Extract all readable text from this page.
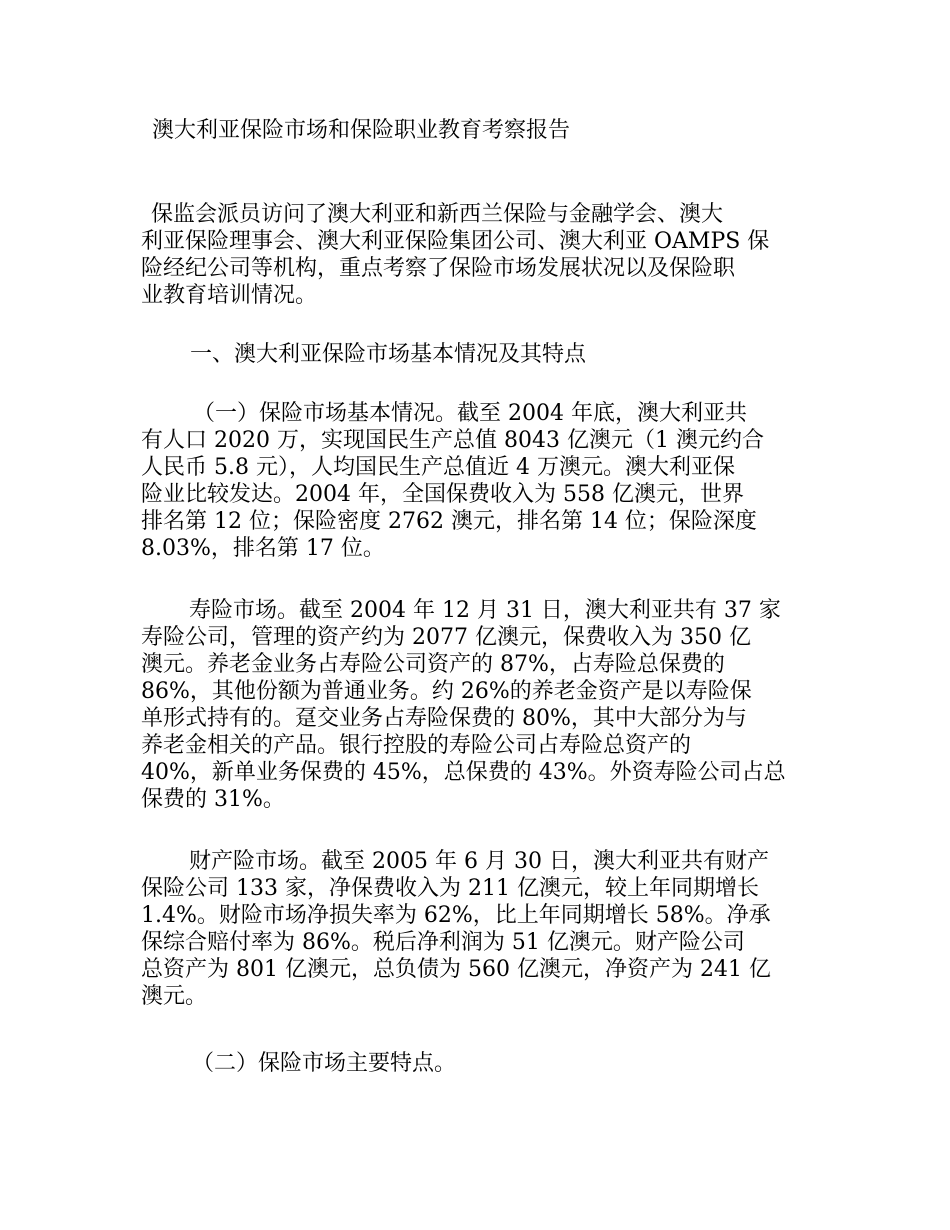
澳大利亚保险市场和保险职业教育考察报告

保监会派员访问了澳大利亚和新西兰保险与金融学会、澳大
利亚保险理事会、澳大利亚保险集团公司、澳大利亚 OAMPS 保
险经纪公司等机构，重点考察了保险市场发展状况以及保险职
业教育培训情况。

一、澳大利亚保险市场基本情况及其特点

（一）保险市场基本情况。截至 2004 年底，澳大利亚共
有人口 2020 万，实现国民生产总值 8043 亿澳元（1 澳元约合
人民币 5.8 元），人均国民生产总值近 4 万澳元。澳大利亚保
险业比较发达。2004 年，全国保费收入为 558 亿澳元，世界
排名第 12 位；保险密度 2762 澳元，排名第 14 位；保险深度
8.03%，排名第 17 位。

寿险市场。截至 2004 年 12 月 31 日，澳大利亚共有 37 家
寿险公司，管理的资产约为 2077 亿澳元，保费收入为 350 亿
澳元。养老金业务占寿险公司资产的 87%，占寿险总保费的
86%，其他份额为普通业务。约 26%的养老金资产是以寿险保
单形式持有的。趸交业务占寿险保费的 80%，其中大部分为与
养老金相关的产品。银行控股的寿险公司占寿险总资产的
40%，新单业务保费的 45%，总保费的 43%。外资寿险公司占总
保费的 31%。

财产险市场。截至 2005 年 6 月 30 日，澳大利亚共有财产
保险公司 133 家，净保费收入为 211 亿澳元，较上年同期增长
1.4%。财险市场净损失率为 62%，比上年同期增长 58%。净承
保综合赔付率为 86%。税后净利润为 51 亿澳元。财产险公司
总资产为 801 亿澳元，总负债为 560 亿澳元，净资产为 241 亿
澳元。

（二）保险市场主要特点。
